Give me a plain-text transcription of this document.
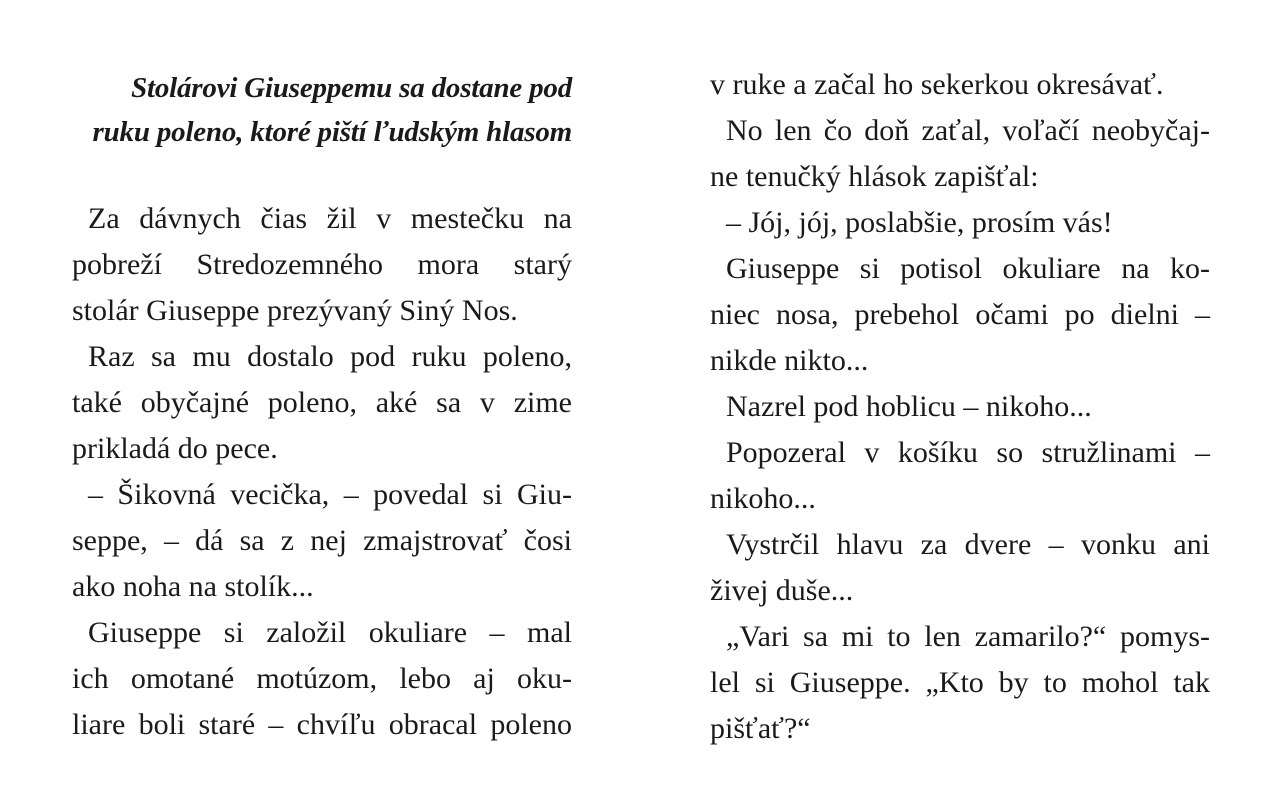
Stolárovi Giuseppemu sa dostane pod
ruku poleno, ktoré piští ľudským hlasom
Za dávnych čias žil v mestečku na
pobreží Stredozemného mora starý
stolár Giuseppe prezývaný Siný Nos.
Raz sa mu dostalo pod ruku poleno,
také obyčajné poleno, aké sa v zime
prikladá do pece.
– Šikovná vecička, – povedal si Giu-
seppe, – dá sa z nej zmajstrovať čosi
ako noha na stolík...
Giuseppe si založil okuliare – mal
ich omotané motúzom, lebo aj oku-
liare boli staré – chvíľu obracal poleno
v ruke a začal ho sekerkou okresávať.
No len čo doň zaťal, voľačí neobyčaj-
ne tenučký hlások zapišťal:
– Jój, jój, poslabšie, prosím vás!
Giuseppe si potisol okuliare na ko-
niec nosa, prebehol očami po dielni –
nikde nikto...
Nazrel pod hoblicu – nikoho...
Popozeral v košíku so stružlinami –
nikoho...
Vystrčil hlavu za dvere – vonku ani
živej duše...
„Vari sa mi to len zamarilo?“ pomys-
lel si Giuseppe. „Kto by to mohol tak
pišťať?“
